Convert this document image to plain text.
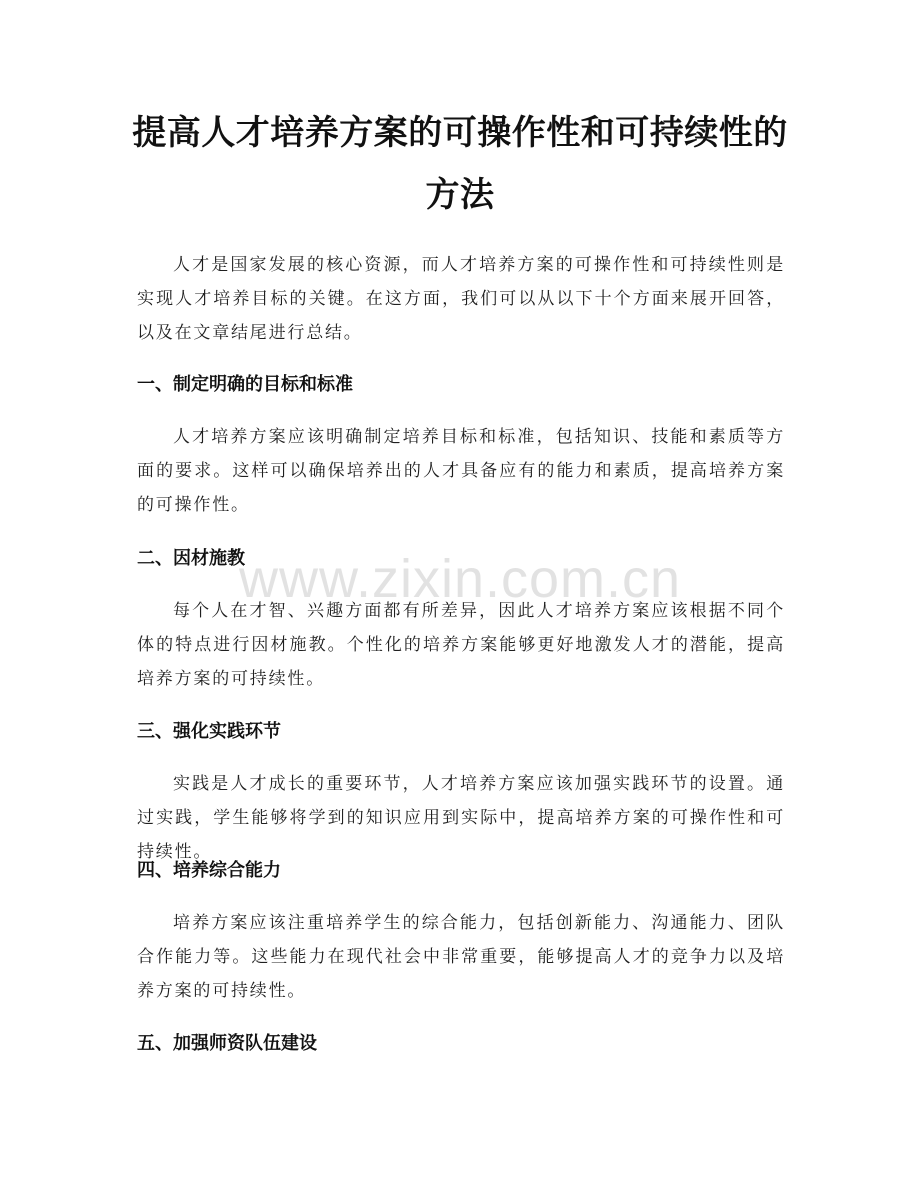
提高人才培养方案的可操作性和可持续性的方法

人才是国家发展的核心资源，而人才培养方案的可操作性和可持续性则是实现人才培养目标的关键。在这方面，我们可以从以下十个方面来展开回答，以及在文章结尾进行总结。

一、制定明确的目标和标准

人才培养方案应该明确制定培养目标和标准，包括知识、技能和素质等方面的要求。这样可以确保培养出的人才具备应有的能力和素质，提高培养方案的可操作性。

二、因材施教

每个人在才智、兴趣方面都有所差异，因此人才培养方案应该根据不同个体的特点进行因材施教。个性化的培养方案能够更好地激发人才的潜能，提高培养方案的可持续性。

三、强化实践环节

实践是人才成长的重要环节，人才培养方案应该加强实践环节的设置。通过实践，学生能够将学到的知识应用到实际中，提高培养方案的可操作性和可持续性。

四、培养综合能力

培养方案应该注重培养学生的综合能力，包括创新能力、沟通能力、团队合作能力等。这些能力在现代社会中非常重要，能够提高人才的竞争力以及培养方案的可持续性。

五、加强师资队伍建设
www.zixin.com.cn
